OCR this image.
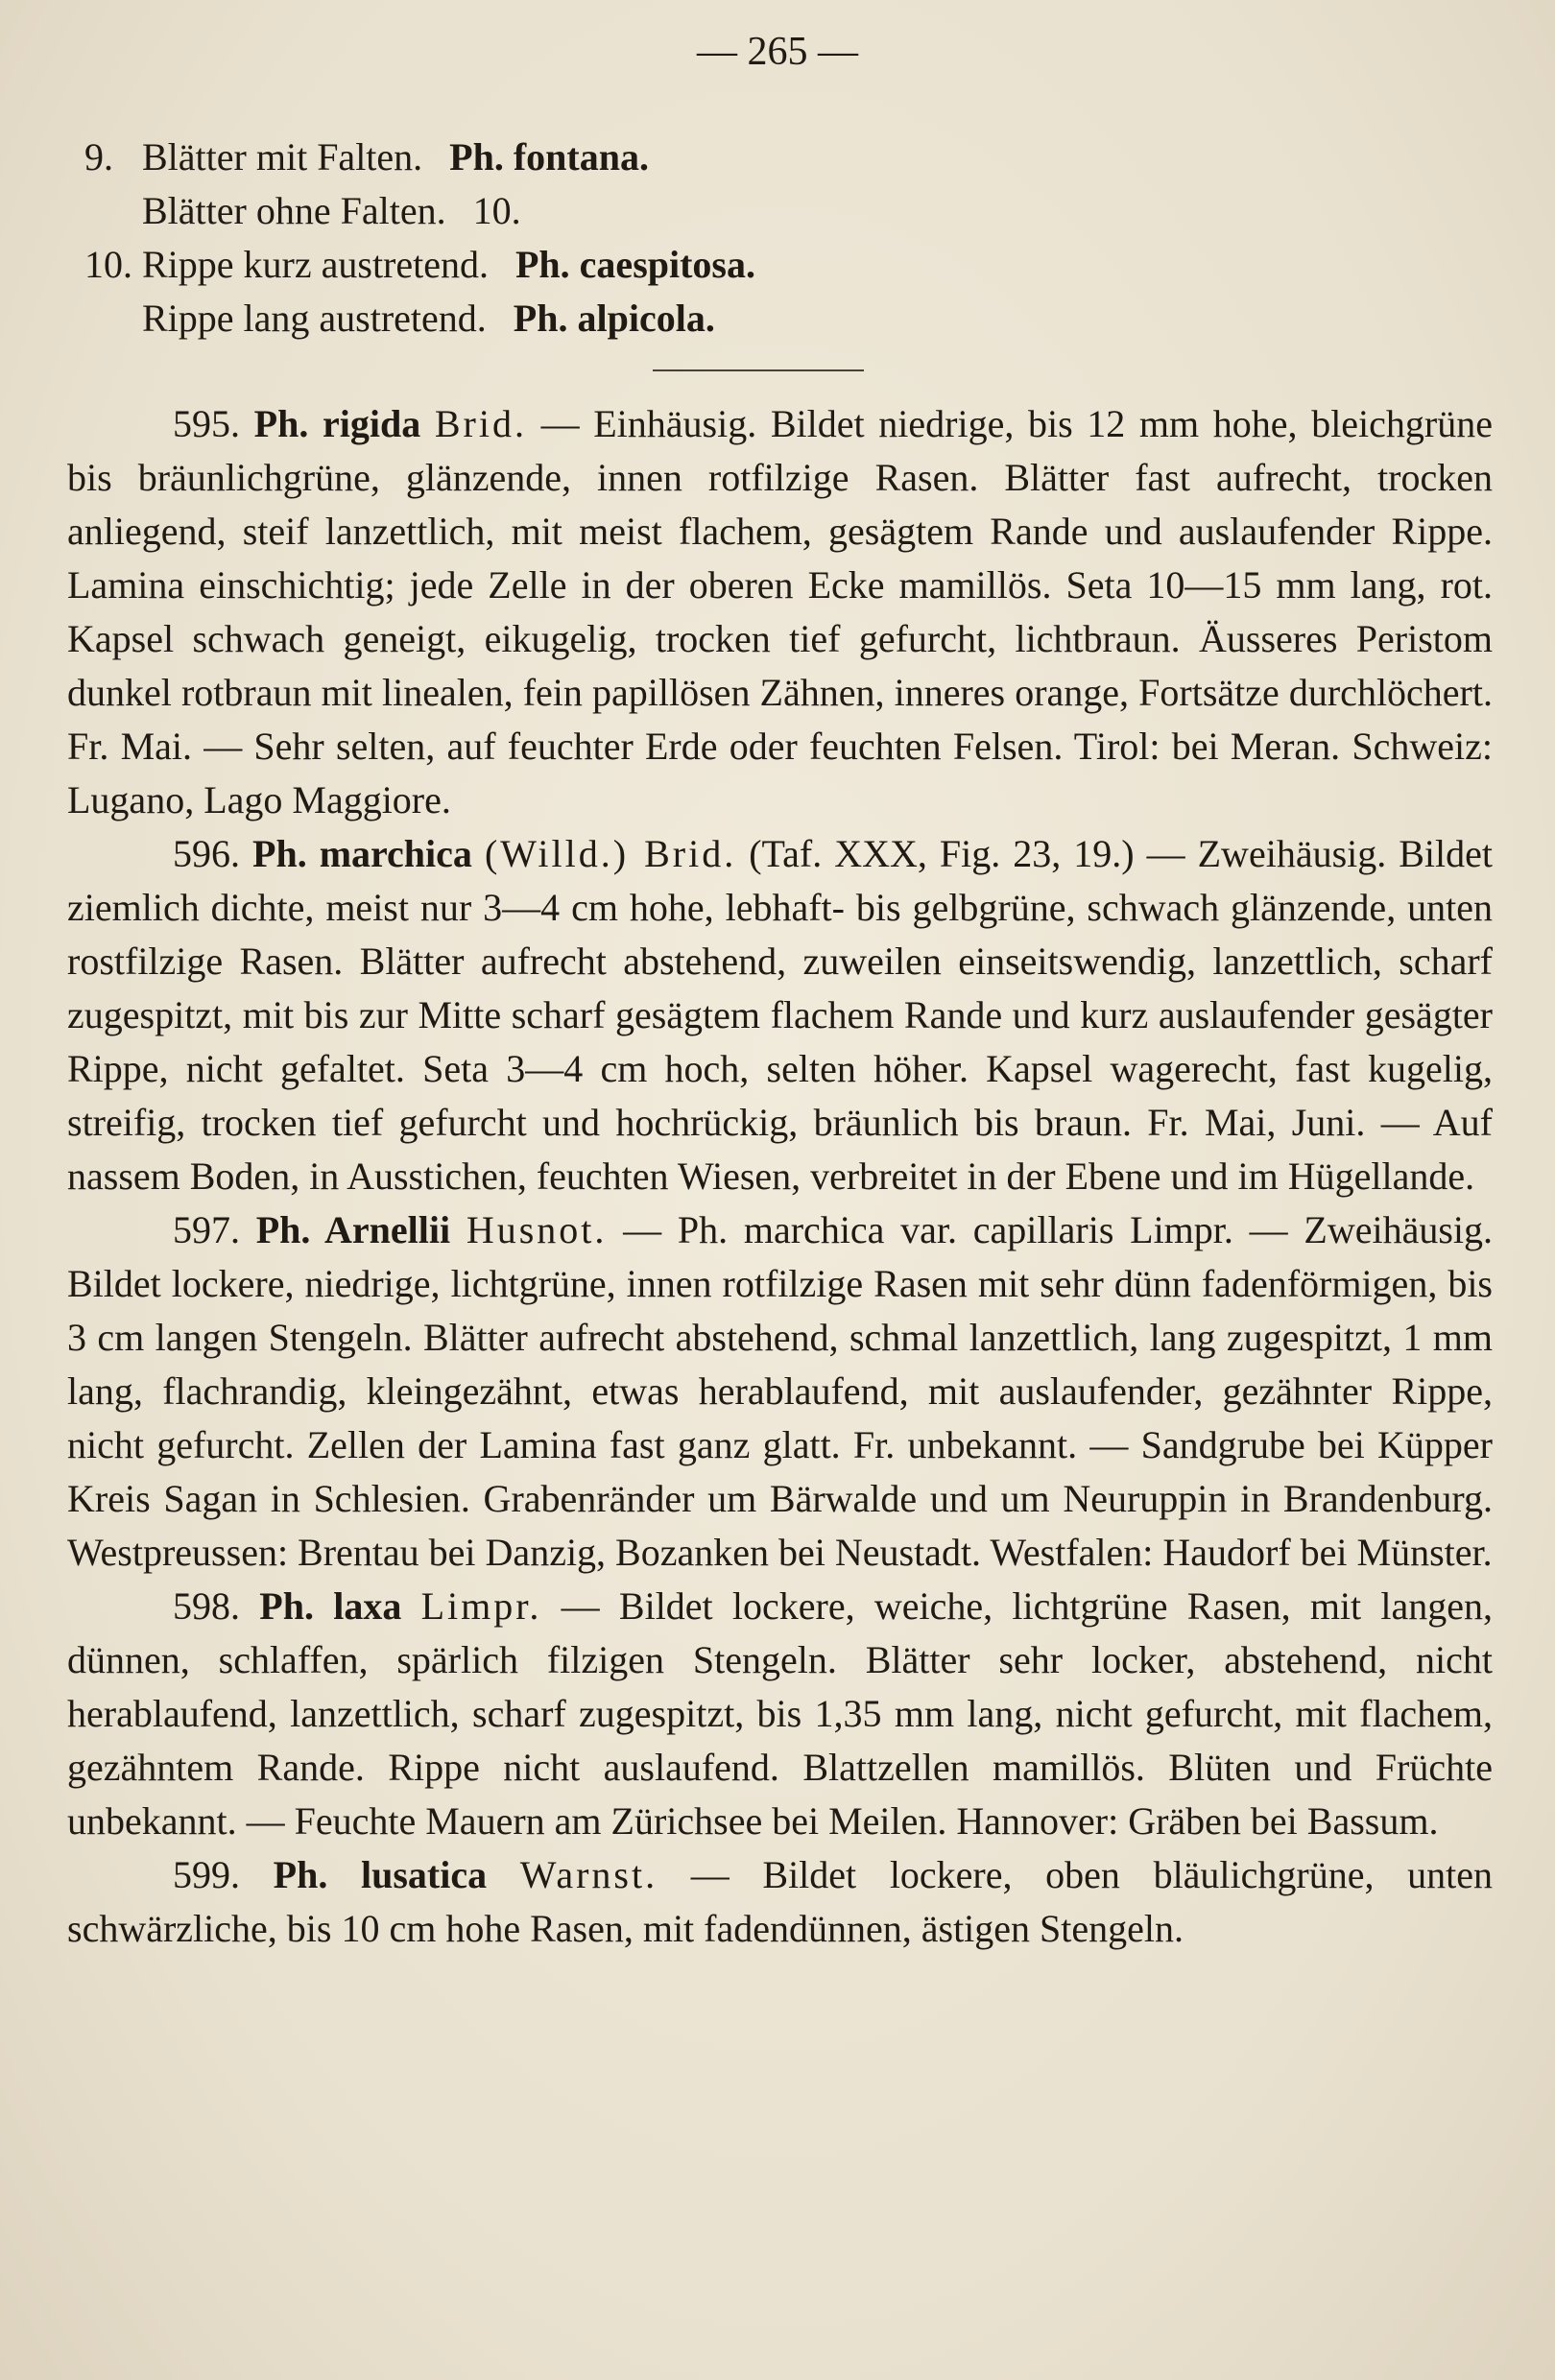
— 265 —
9. Blätter mit Falten. Ph. fontana.
Blätter ohne Falten. 10.
10. Rippe kurz austretend. Ph. caespitosa.
Rippe lang austretend. Ph. alpicola.

595. Ph. rigida Brid. — Einhäusig. Bildet niedrige, bis 12 mm hohe, bleichgrüne bis bräunlichgrüne, glänzende, innen rotfilzige Rasen. Blätter fast aufrecht, trocken anliegend, steif lanzettlich, mit meist flachem, gesägtem Rande und auslaufender Rippe. Lamina einschichtig; jede Zelle in der oberen Ecke mamillös. Seta 10—15 mm lang, rot. Kapsel schwach geneigt, eikugelig, trocken tief gefurcht, lichtbraun. Äusseres Peristom dunkel rotbraun mit linealen, fein papillösen Zähnen, inneres orange, Fortsätze durchlöchert. Fr. Mai. — Sehr selten, auf feuchter Erde oder feuchten Felsen. Tirol: bei Meran. Schweiz: Lugano, Lago Maggiore.

596. Ph. marchica (Willd.) Brid. (Taf. XXX, Fig. 23, 19.) — Zweihäusig. Bildet ziemlich dichte, meist nur 3—4 cm hohe, lebhaft- bis gelbgrüne, schwach glänzende, unten rostfilzige Rasen. Blätter aufrecht abstehend, zuweilen einseitswendig, lanzettlich, scharf zugespitzt, mit bis zur Mitte scharf gesägtem flachem Rande und kurz auslaufender gesägter Rippe, nicht gefaltet. Seta 3—4 cm hoch, selten höher. Kapsel wagerecht, fast kugelig, streifig, trocken tief gefurcht und hochrückig, bräunlich bis braun. Fr. Mai, Juni. — Auf nassem Boden, in Ausstichen, feuchten Wiesen, verbreitet in der Ebene und im Hügellande.

597. Ph. Arnellii Husnot. — Ph. marchica var. capillaris Limpr. — Zweihäusig. Bildet lockere, niedrige, lichtgrüne, innen rotfilzige Rasen mit sehr dünn fadenförmigen, bis 3 cm langen Stengeln. Blätter aufrecht abstehend, schmal lanzettlich, lang zugespitzt, 1 mm lang, flachrandig, kleingezähnt, etwas herablaufend, mit auslaufender, gezähnter Rippe, nicht gefurcht. Zellen der Lamina fast ganz glatt. Fr. unbekannt. — Sandgrube bei Küpper Kreis Sagan in Schlesien. Grabenränder um Bärwalde und um Neuruppin in Brandenburg. Westpreussen: Brentau bei Danzig, Bozanken bei Neustadt. Westfalen: Haudorf bei Münster.

598. Ph. laxa Limpr. — Bildet lockere, weiche, lichtgrüne Rasen, mit langen, dünnen, schlaffen, spärlich filzigen Stengeln. Blätter sehr locker, abstehend, nicht herablaufend, lanzettlich, scharf zugespitzt, bis 1,35 mm lang, nicht gefurcht, mit flachem, gezähntem Rande. Rippe nicht auslaufend. Blattzellen mamillös. Blüten und Früchte unbekannt. — Feuchte Mauern am Zürichsee bei Meilen. Hannover: Gräben bei Bassum.

599. Ph. lusatica Warnst. — Bildet lockere, oben bläulichgrüne, unten schwärzliche, bis 10 cm hohe Rasen, mit fadendünnen, ästigen Stengeln.
